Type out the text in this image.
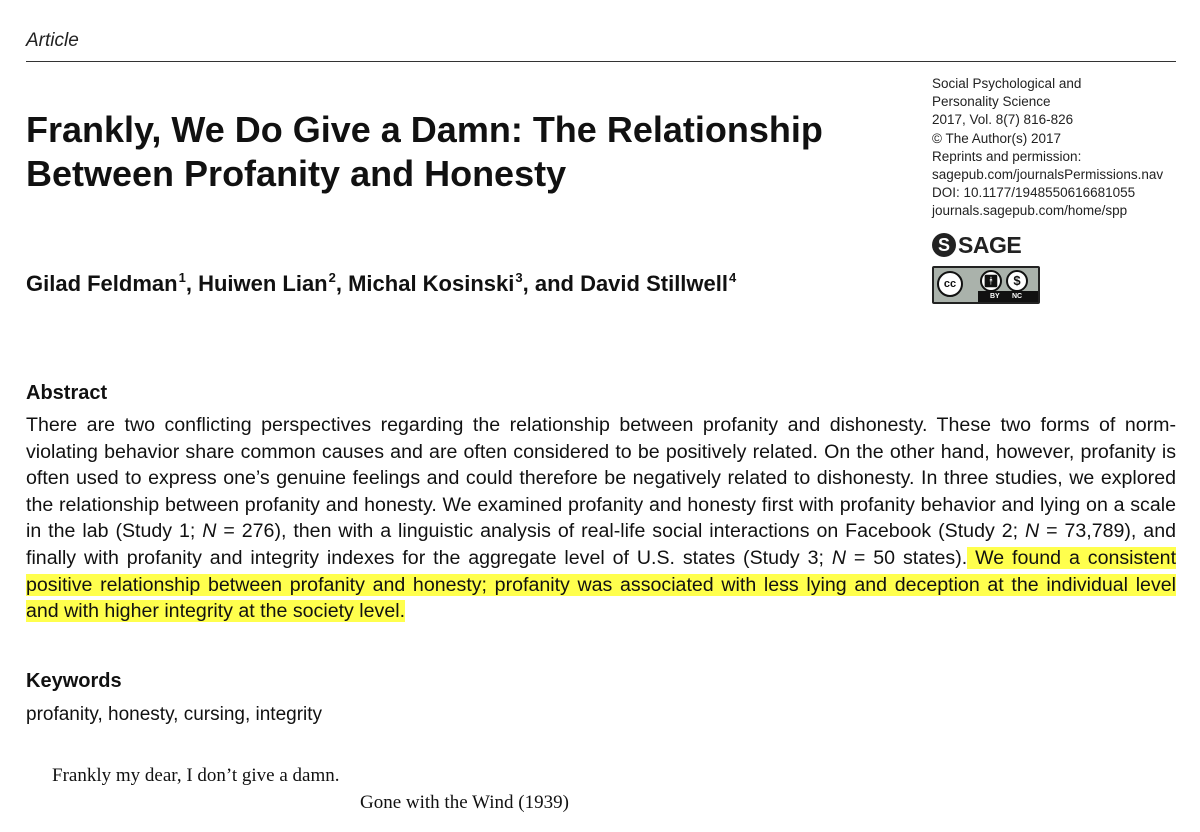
Article
Frankly, We Do Give a Damn: The Relationship Between Profanity and Honesty

Gilad Feldman$^1$, Huiwen Lian$^2$, Michal Kosinski$^3$, and David Stillwell$^4$

Social Psychological and
Personality Science
2017, Vol. 8(7) 816-826
© The Author(s) 2017
Reprints and permission:
sagepub.com/journalsPermissions.nav
DOI: 10.1177/1948550616681055
journals.sagepub.com/home/spp
S SAGE
cc	🚹︎	$
BY NC
Abstract

There are two conflicting perspectives regarding the relationship between profanity and dishonesty. These two forms of norm-violating behavior share common causes and are often considered to be positively related. On the other hand, however, profanity is often used to express one’s genuine feelings and could therefore be negatively related to dishonesty. In three studies, we explored the relationship between profanity and honesty. We examined profanity and honesty first with profanity behavior and lying on a scale in the lab (Study 1; N = 276), then with a linguistic analysis of real-life social interactions on Facebook (Study 2; N = 73,789), and finally with profanity and integrity indexes for the aggregate level of U.S. states (Study 3; N = 50 states). We found a consistent positive relationship between profanity and honesty; profanity was associated with less lying and deception at the individual level and with higher integrity at the society level.

Keywords

profanity, honesty, cursing, integrity

Frankly my dear, I don’t give a damn.

Gone with the Wind (1939)
